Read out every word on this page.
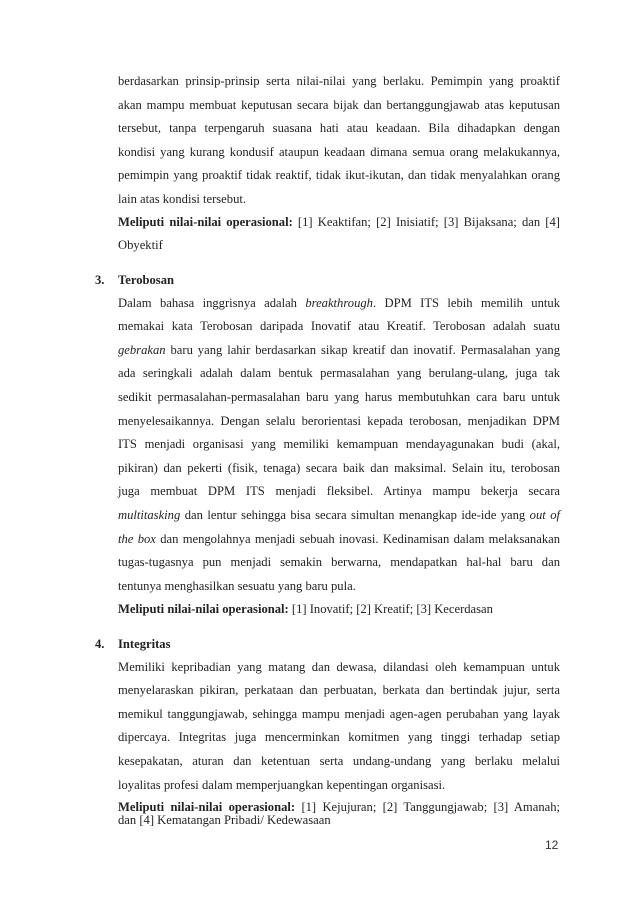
berdasarkan prinsip-prinsip serta nilai-nilai yang berlaku. Pemimpin yang proaktif
akan mampu membuat keputusan secara bijak dan bertanggungjawab atas keputusan
tersebut, tanpa terpengaruh suasana hati atau keadaan. Bila dihadapkan dengan
kondisi yang kurang kondusif ataupun keadaan dimana semua orang melakukannya,
pemimpin yang proaktif tidak reaktif, tidak ikut-ikutan, dan tidak menyalahkan orang
lain atas kondisi tersebut.
Meliputi nilai-nilai operasional: [1] Keaktifan; [2] Inisiatif; [3] Bijaksana; dan [4]
Obyektif
3. Terobosan
Dalam bahasa inggrisnya adalah breakthrough. DPM ITS lebih memilih untuk
memakai kata Terobosan daripada Inovatif atau Kreatif. Terobosan adalah suatu
gebrakan baru yang lahir berdasarkan sikap kreatif dan inovatif. Permasalahan yang
ada seringkali adalah dalam bentuk permasalahan yang berulang-ulang, juga tak
sedikit permasalahan-permasalahan baru yang harus membutuhkan cara baru untuk
menyelesaikannya. Dengan selalu berorientasi kepada terobosan, menjadikan DPM
ITS menjadi organisasi yang memiliki kemampuan mendayagunakan budi (akal,
pikiran) dan pekerti (fisik, tenaga) secara baik dan maksimal. Selain itu, terobosan
juga membuat DPM ITS menjadi fleksibel. Artinya mampu bekerja secara
multitasking dan lentur sehingga bisa secara simultan menangkap ide-ide yang out of
the box dan mengolahnya menjadi sebuah inovasi. Kedinamisan dalam melaksanakan
tugas-tugasnya pun menjadi semakin berwarna, mendapatkan hal-hal baru dan
tentunya menghasilkan sesuatu yang baru pula.
Meliputi nilai-nilai operasional: [1] Inovatif; [2] Kreatif; [3] Kecerdasan
4. Integritas
Memiliki kepribadian yang matang dan dewasa, dilandasi oleh kemampuan untuk
menyelaraskan pikiran, perkataan dan perbuatan, berkata dan bertindak jujur, serta
memikul tanggungjawab, sehingga mampu menjadi agen-agen perubahan yang layak
dipercaya. Integritas juga mencerminkan komitmen yang tinggi terhadap setiap
kesepakatan, aturan dan ketentuan serta undang-undang yang berlaku melalui
loyalitas profesi dalam memperjuangkan kepentingan organisasi.
Meliputi nilai-nilai operasional: [1] Kejujuran; [2] Tanggungjawab; [3] Amanah;
dan [4] Kematangan Pribadi/ Kedewasaan
12
